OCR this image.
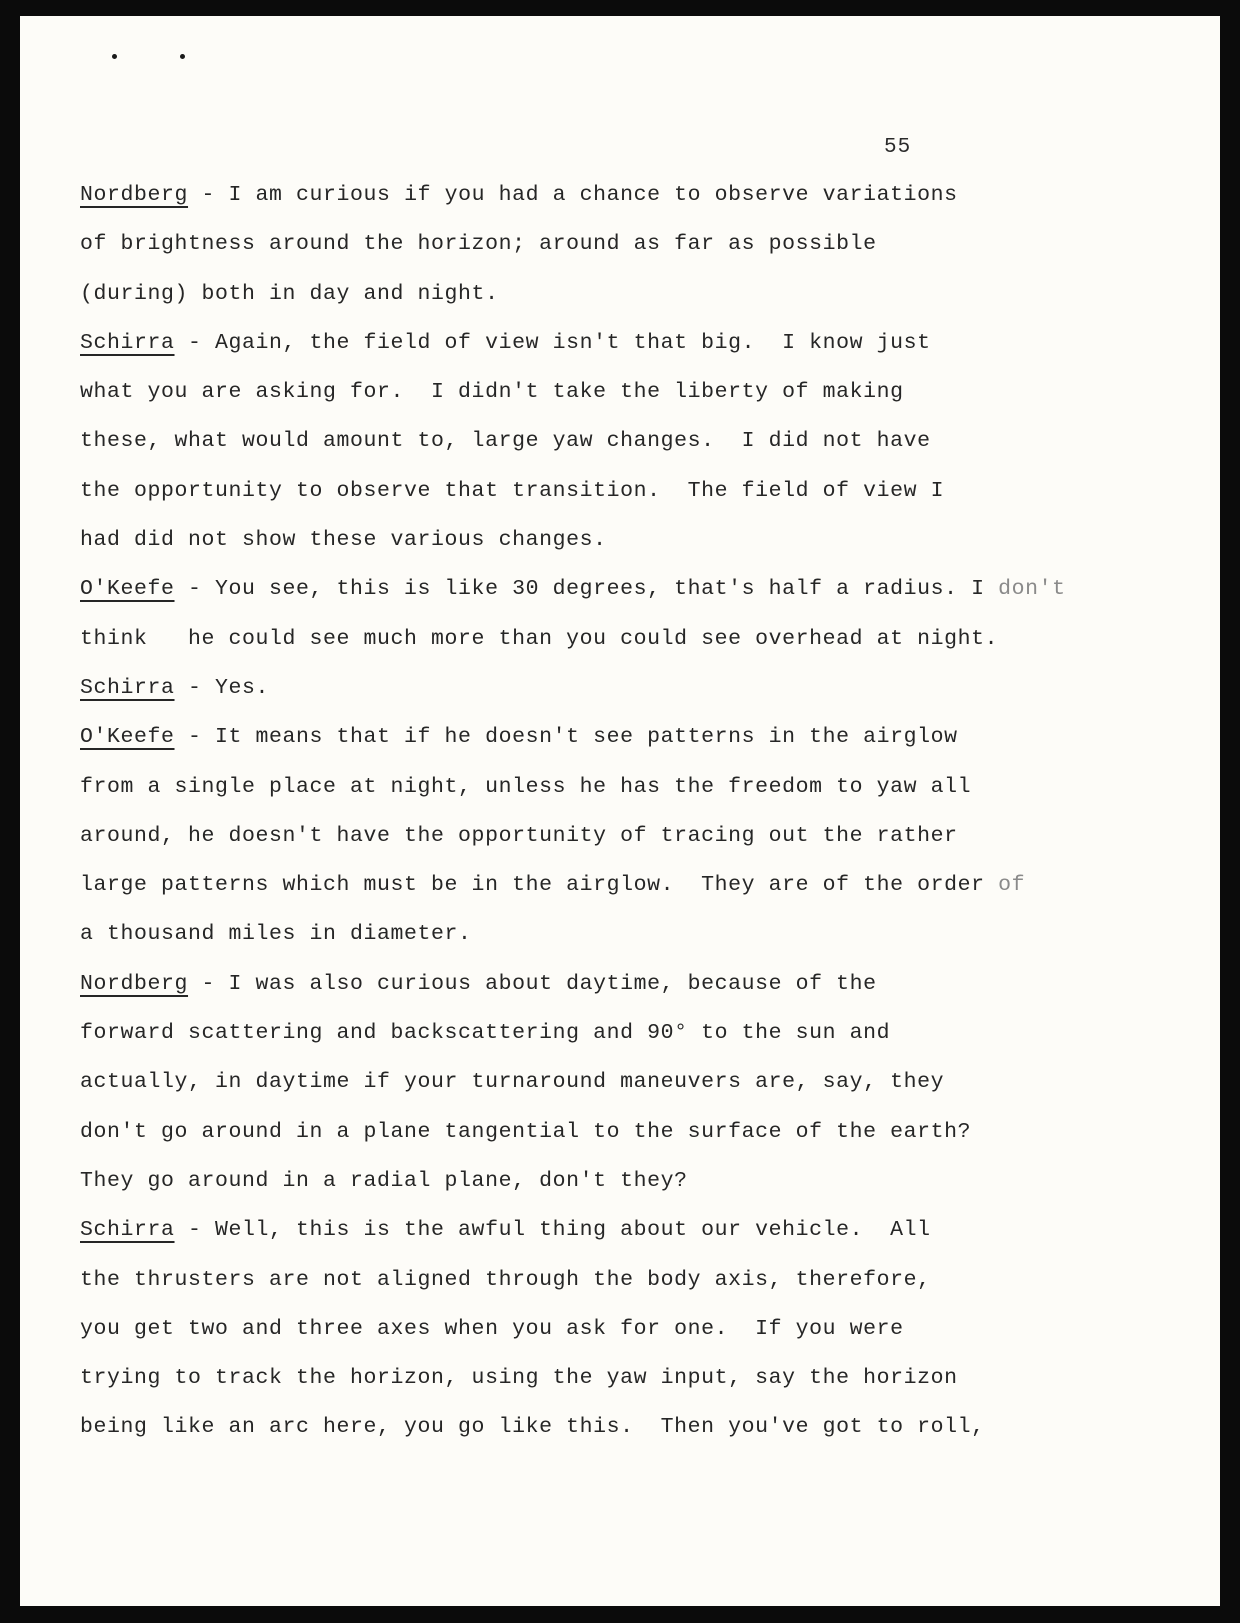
55
Nordberg - I am curious if you had a chance to observe variations
of brightness around the horizon; around as far as possible
(during) both in day and night.
Schirra - Again, the field of view isn't that big.  I know just
what you are asking for.  I didn't take the liberty of making
these, what would amount to, large yaw changes.  I did not have
the opportunity to observe that transition.  The field of view I
had did not show these various changes.
O'Keefe - You see, this is like 30 degrees, that's half a radius. I don't
think   he could see much more than you could see overhead at night.
Schirra - Yes.
O'Keefe - It means that if he doesn't see patterns in the airglow
from a single place at night, unless he has the freedom to yaw all
around, he doesn't have the opportunity of tracing out the rather
large patterns which must be in the airglow.  They are of the order of
a thousand miles in diameter.
Nordberg - I was also curious about daytime, because of the
forward scattering and backscattering and 90° to the sun and
actually, in daytime if your turnaround maneuvers are, say, they
don't go around in a plane tangential to the surface of the earth?
They go around in a radial plane, don't they?
Schirra - Well, this is the awful thing about our vehicle.  All
the thrusters are not aligned through the body axis, therefore,
you get two and three axes when you ask for one.  If you were
trying to track the horizon, using the yaw input, say the horizon
being like an arc here, you go like this.  Then you've got to roll,
